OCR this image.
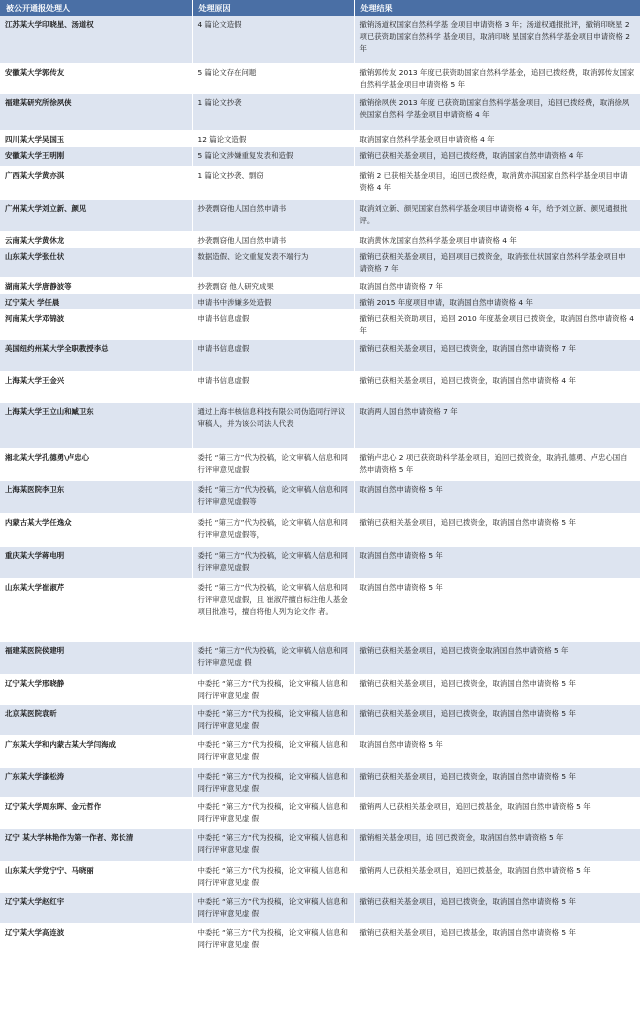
被公开通报处理人	处理原因	处理结果
江苏某大学印晓星、汤道权	4 篇论文造假	撤销汤道权国家自然科学基 金项目申请资格 3 年；汤道权通报批评，撤销印晓星 2 项已获资助国家自然科学 基金项目，取消印晓 星国家自然科学基金项目申请资格 2 年
安徽某大学郭传友	5 篇论文存在问题	撤销郭传友 2013 年度已获资助国家自然科学基金，追回已拨经费，取消郭传友国家 自然科学基金项目申请资格 5 年
福建某研究所徐夙侠	1 篇论文抄袭	撤销徐夙侠 2013 年度 已获资助国家自然科学基金项目，追回已拨经费，取消徐夙侠国家自然科 学基金项目申请资格 4 年
四川某大学吴国玉	12 篇论文造假	取消国家自然科学基金项目申请资格 4 年
安徽某大学王明刚	5 篇论文涉嫌重复发表和造假	撤销已获相关基金项目，追回已拨经费，取消国家自然申请资格 4 年
广西某大学黄亦淇	1 篇论文抄袭、剽窃	撤销 2 已获相关基金项目，追回已拨经费，取消黄亦淇国家自然科学基金项目申请资格 4 年
广州某大学刘立新、颜见	抄袭剽窃他人国自然申请书	取消刘立新、颜见国家自然科学基金项目申请资格 4 年，给予刘立新、颜见通报批评。
云南某大学黄休龙	抄袭剽窃他人国自然申请书	取消黄休龙国家自然科学基金项目申请资格 4 年
山东某大学张仕状	数据造假、论文重复发表不端行为	撤销已获相关基金项目，追回项目已拨资金，取消张仕状国家自然科学基金项目申 请资格 7 年
湖南某大学唐静波等	抄袭剽窃 他人研究成果	取消国自然申请资格 7 年
辽宁某大 学任晨	申请书中涉嫌多处造假	撤销 2015 年度项目申请，取消国自然申请资格 4 年
河南某大学邓锦波	申请书信息虚假	撤销已获相关资助项目，追回 2010 年度基金项目已拨资金，取消国自然申请资格 4 年
美国纽约州某大学全职教授李总	申请书信息虚假	撤销已获相关基金项目，追回已拨资金，取消国自然申请资格 7 年
上海某大学王金兴	申请书信息虚假	撤销已获相关基金项目，追回已拨资金，取消国自然申请资格 4 年
上海某大学王立山和臧卫东	通过上海丰核信息科技有限公司伪造同行评议审稿人，并为该公司法人代表	取消两人国自然申请资格 7 年
湘北某大学孔德勇\卢忠心	委托 “第三方”代为投稿，论文审稿人信息和同行评审意见虚假	撤销卢忠心 2 项已获资助科学基金项目，追回已拨资金，取消孔德勇、卢忠心国自然申请资格 5 年
上海某医院李卫东	委托 “第三方”代为投稿，论文审稿人信息和同行评审意见虚假等	取消国自然申请资格 5 年
内蒙古某大学任逸众	委托 “第三方”代为投稿，论文审稿人信息和同行评审意见虚假等，	撤销已获相关基金项目，追回已拨资金，取消国自然申请资格 5 年
重庆某大学蒋电明	委托 “第三方”代为投稿，论文审稿人信息和同行评审意见虚假	取消国自然申请资格 5 年
山东某大学崔淑芹	委托 “第三方”代为投稿，论文审稿人信息和同行评审意见虚假，且 崔淑芹擅自标注他人基金项目批准号，擅自将他人列为论文作 者。	取消国自然申请资格 5 年
福建某医院侯建明	委托 “第三方”代为投稿，论文审稿人信息和同行评审意见虚 假	撤销已获相关基金项目，追回已拨资金取消国自然申请资格 5 年
辽宁某大学邢晓静	中委托 “第三方”代为投稿，论文审稿人信息和同行评审意见虚 假	撤销已获相关基金项目，追回已拨资金，取消国自然申请资格 5 年
北京某医院袁昕	中委托 “第三方”代为投稿，论文审稿人信息和同行评审意见虚 假	撤销已获相关基金项目，追回已拨资金，取消国自然申请资格 5 年
广东某大学和内蒙古某大学闫海成	中委托 “第三方”代为投稿，论文审稿人信息和同行评审意见虚 假	取消国自然申请资格 5 年
广东某大学漆松涛	中委托 “第三方”代为投稿，论文审稿人信息和同行评审意见虚 假	撤销已获相关基金项目，追回已拨资金，取消国自然申请资格 5 年
辽宁某大学周东晖、金元哲作	中委托 “第三方”代为投稿，论文审稿人信息和同行评审意见虚 假	撤销两人已获相关基金项目，追回已拨基金，取消国自然申请资格 5 年
辽宁 某大学林艳作为第一作者、郑长清	中委托 “第三方”代为投稿，论文审稿人信息和同行评审意见虚 假	撤销相关基金项目，追 回已拨资金，取消国自然申请资格 5 年
山东某大学党宁宁、马晓丽	中委托 “第三方”代为投稿，论文审稿人信息和同行评审意见虚 假	撤销两人已获相关基金项目，追回已拨基金，取消国自然申请资格 5 年
辽宁某大学赵红宇	中委托 “第三方”代为投稿，论文审稿人信息和同行评审意见虚 假	撤销已获相关基金项目，追回已拨资金，取消国自然申请资格 5 年
辽宁某大学高连波	中委托 “第三方”代为投稿，论文审稿人信息和同行评审意见虚 假	撤销已获相关基金项目，追回已拨基金，取消国自然申请资格 5 年
